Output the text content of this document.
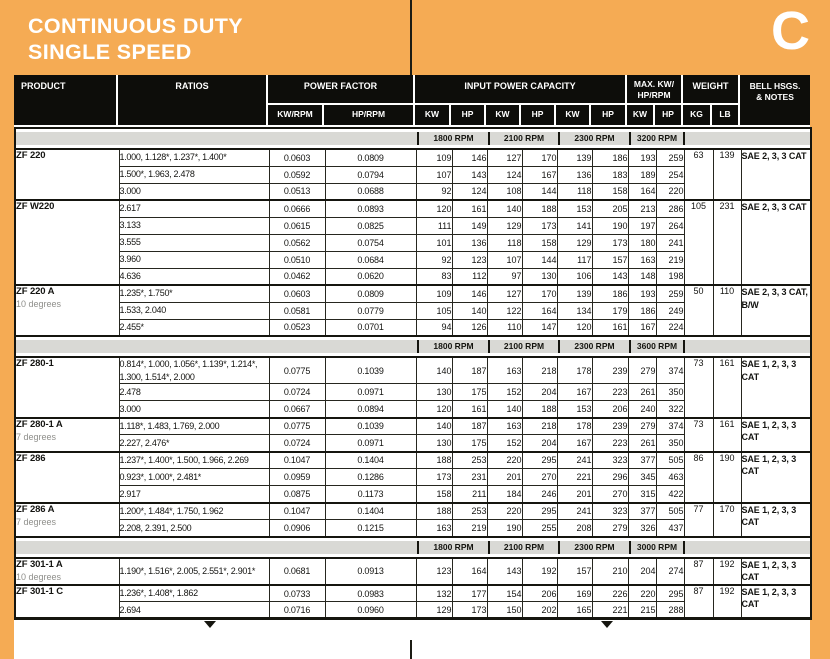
CONTINUOUS DUTY
SINGLE SPEED	C
PRODUCT	RATIOS	POWER FACTOR
KW/RPM	HP/RPM
INPUT POWER CAPACITY
KW	HP	KW	HP	KW	HP
MAX. KW/
HP/RPM
KW	HP
WEIGHT
KG	LB
BELL HSGS.
& NOTES
1800 RPM 2100 RPM 2300 RPM 3200 RPM														

ZF 220	1.000, 1.128*, 1.237*, 1.400*	0.0603	0.0809	109	146	127	170	139	186	193	259	63	139	SAE 2, 3, 3 CAT
	1.500*, 1.963, 2.478	0.0592	0.0794	107	143	124	167	136	183	189	254			
	3.000	0.0513	0.0688	92	124	108	144	118	158	164	220			

ZF W220	2.617	0.0666	0.0893	120	161	140	188	153	205	213	286	105	231	SAE 2, 3, 3 CAT
	3.133	0.0615	0.0825	111	149	129	173	141	190	197	264			
	3.555	0.0562	0.0754	101	136	118	158	129	173	180	241			
	3.960	0.0510	0.0684	92	123	107	144	117	157	163	219			
	4.636	0.0462	0.0620	83	112	97	130	106	143	148	198			

ZF 220 A
10 degrees	1.235*, 1.750*	0.0603	0.0809	109	146	127	170	139	186	193	259	50	110	SAE 2, 3, 3 CAT, B/W
	1.533, 2.040	0.0581	0.0779	105	140	122	164	134	179	186	249			
	2.455*	0.0523	0.0701	94	126	110	147	120	161	167	224			

1800 RPM 2100 RPM 2300 RPM 3600 RPM														

ZF 280-1	0.814*, 1.000, 1.056*, 1.139*, 1.214*, 1.300, 1.514*, 2.000	0.0775	0.1039	140	187	163	218	178	239	279	374	73	161	SAE 1, 2, 3, 3 CAT
	2.478	0.0724	0.0971	130	175	152	204	167	223	261	350			
	3.000	0.0667	0.0894	120	161	140	188	153	206	240	322			

ZF 280-1 A
7 degrees	1.118*, 1.483, 1.769, 2.000	0.0775	0.1039	140	187	163	218	178	239	279	374	73	161	SAE 1, 2, 3, 3 CAT
	2.227, 2.476*	0.0724	0.0971	130	175	152	204	167	223	261	350			

ZF 286	1.237*, 1.400*, 1.500, 1.966, 2.269	0.1047	0.1404	188	253	220	295	241	323	377	505	86	190	SAE 1, 2, 3, 3 CAT
	0.923*, 1.000*, 2.481*	0.0959	0.1286	173	231	201	270	221	296	345	463			
	2.917	0.0875	0.1173	158	211	184	246	201	270	315	422			

ZF 286 A
7 degrees	1.200*, 1.484*, 1.750, 1.962	0.1047	0.1404	188	253	220	295	241	323	377	505	77	170	SAE 1, 2, 3, 3 CAT
	2.208, 2.391, 2.500	0.0906	0.1215	163	219	190	255	208	279	326	437			

1800 RPM 2100 RPM 2300 RPM 3000 RPM														

ZF 301-1 A
10 degrees	1.190*, 1.516*, 2.005, 2.551*, 2.901*	0.0681	0.0913	123	164	143	192	157	210	204	274	87	192	SAE 1, 2, 3, 3 CAT

ZF 301-1 C	1.236*, 1.408*, 1.862	0.0733	0.0983	132	177	154	206	169	226	220	295	87	192	SAE 1, 2, 3, 3 CAT
	2.694	0.0716	0.0960	129	173	150	202	165	221	215	288			
